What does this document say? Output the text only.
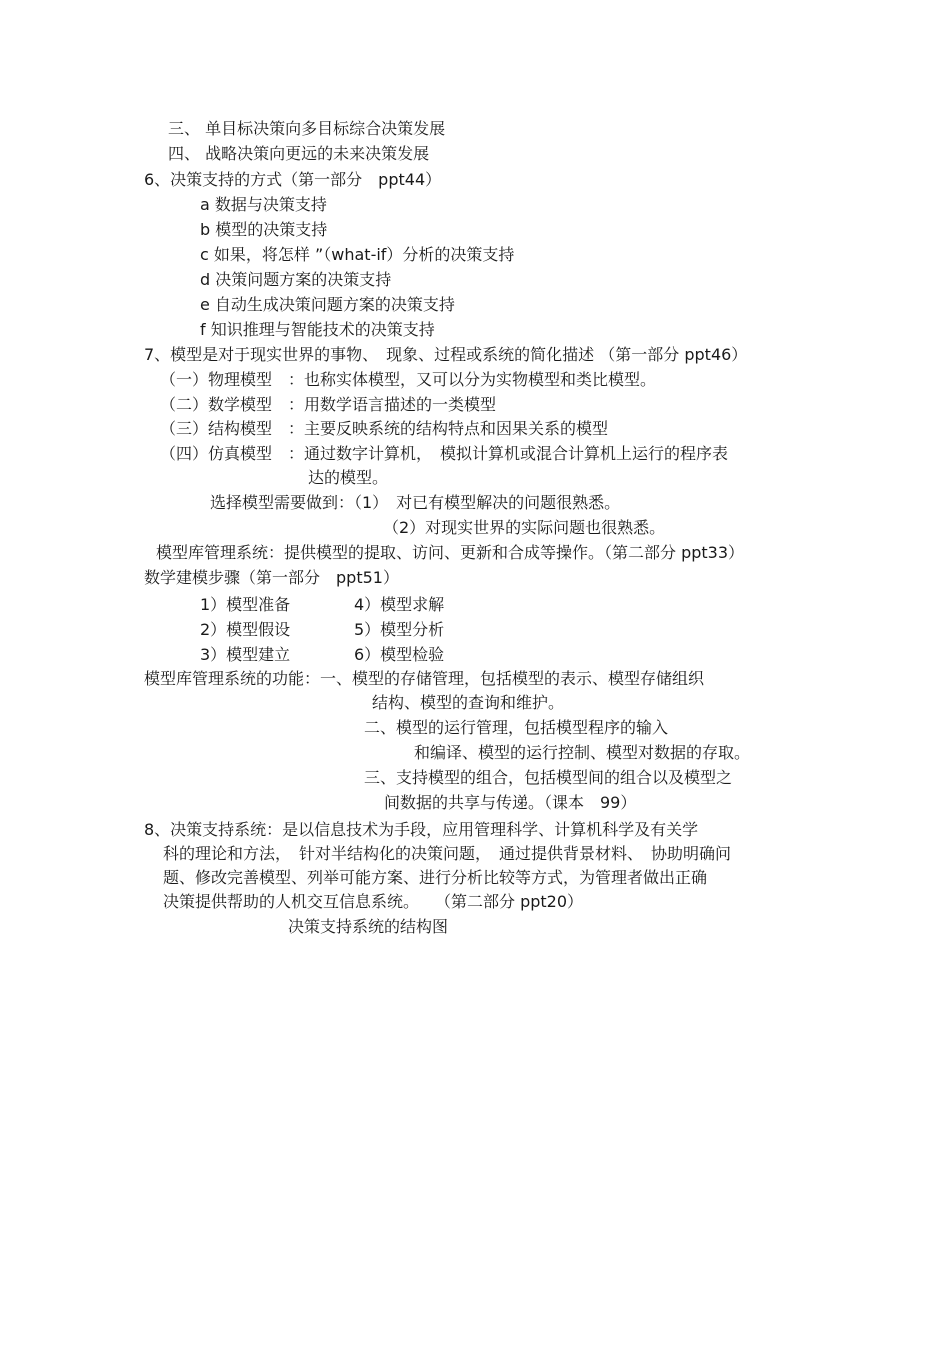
三、 单目标决策向多目标综合决策发展
四、 战略决策向更远的未来决策发展
6、决策支持的方式（第一部分　ppt44）
a 数据与决策支持
b 模型的决策支持
c 如果，将怎样 ”（what-if）分析的决策支持
d 决策问题方案的决策支持
e 自动生成决策问题方案的决策支持
f 知识推理与智能技术的决策支持
7、模型是对于现实世界的事物、　现象、过程或系统的简化描述 （第一部分 ppt46）
（一）物理模型　：也称实体模型，又可以分为实物模型和类比模型。
（二）数学模型　：用数学语言描述的一类模型
（三）结构模型　：主要反映系统的结构特点和因果关系的模型
（四）仿真模型　：通过数字计算机，　模拟计算机或混合计算机上运行的程序表
达的模型。
选择模型需要做到：（1）　对已有模型解决的问题很熟悉。
（2）对现实世界的实际问题也很熟悉。
模型库管理系统：提供模型的提取、访问、更新和合成等操作。（第二部分 ppt33）
数学建模步骤（第一部分　ppt51）
1）模型准备	4）模型求解
2）模型假设	5）模型分析
3）模型建立	6）模型检验
模型库管理系统的功能：一、模型的存储管理，包括模型的表示、模型存储组织
结构、模型的查询和维护。
二、模型的运行管理，包括模型程序的输入
和编译、模型的运行控制、模型对数据的存取。
三、支持模型的组合，包括模型间的组合以及模型之
间数据的共享与传递。（课本　99）
8、决策支持系统：是以信息技术为手段，应用管理科学、计算机科学及有关学
科的理论和方法，　针对半结构化的决策问题，　通过提供背景材料、　协助明确问
题、修改完善模型、列举可能方案、进行分析比较等方式，为管理者做出正确
决策提供帮助的人机交互信息系统。　　（第二部分 ppt20）
决策支持系统的结构图
